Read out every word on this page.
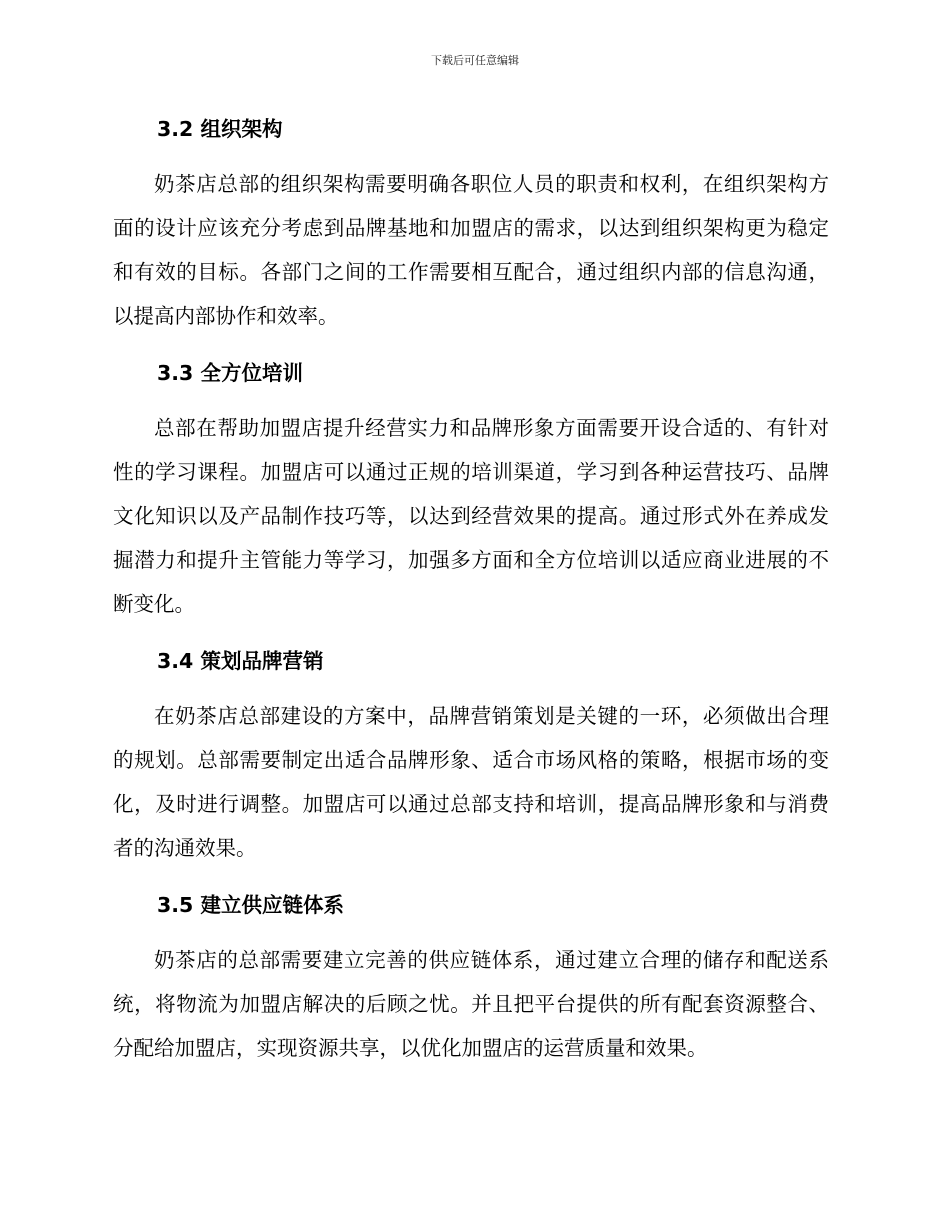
下载后可任意编辑
3.2 组织架构

奶茶店总部的组织架构需要明确各职位人员的职责和权利，在组织架构方面的设计应该充分考虑到品牌基地和加盟店的需求，以达到组织架构更为稳定和有效的目标。各部门之间的工作需要相互配合，通过组织内部的信息沟通，以提高内部协作和效率。

3.3 全方位培训

总部在帮助加盟店提升经营实力和品牌形象方面需要开设合适的、有针对性的学习课程。加盟店可以通过正规的培训渠道，学习到各种运营技巧、品牌文化知识以及产品制作技巧等，以达到经营效果的提高。通过形式外在养成发掘潜力和提升主管能力等学习，加强多方面和全方位培训以适应商业进展的不断变化。

3.4 策划品牌营销

在奶茶店总部建设的方案中，品牌营销策划是关键的一环，必须做出合理的规划。总部需要制定出适合品牌形象、适合市场风格的策略，根据市场的变化，及时进行调整。加盟店可以通过总部支持和培训，提高品牌形象和与消费者的沟通效果。

3.5 建立供应链体系

奶茶店的总部需要建立完善的供应链体系，通过建立合理的储存和配送系统，将物流为加盟店解决的后顾之忧。并且把平台提供的所有配套资源整合、分配给加盟店，实现资源共享，以优化加盟店的运营质量和效果。
